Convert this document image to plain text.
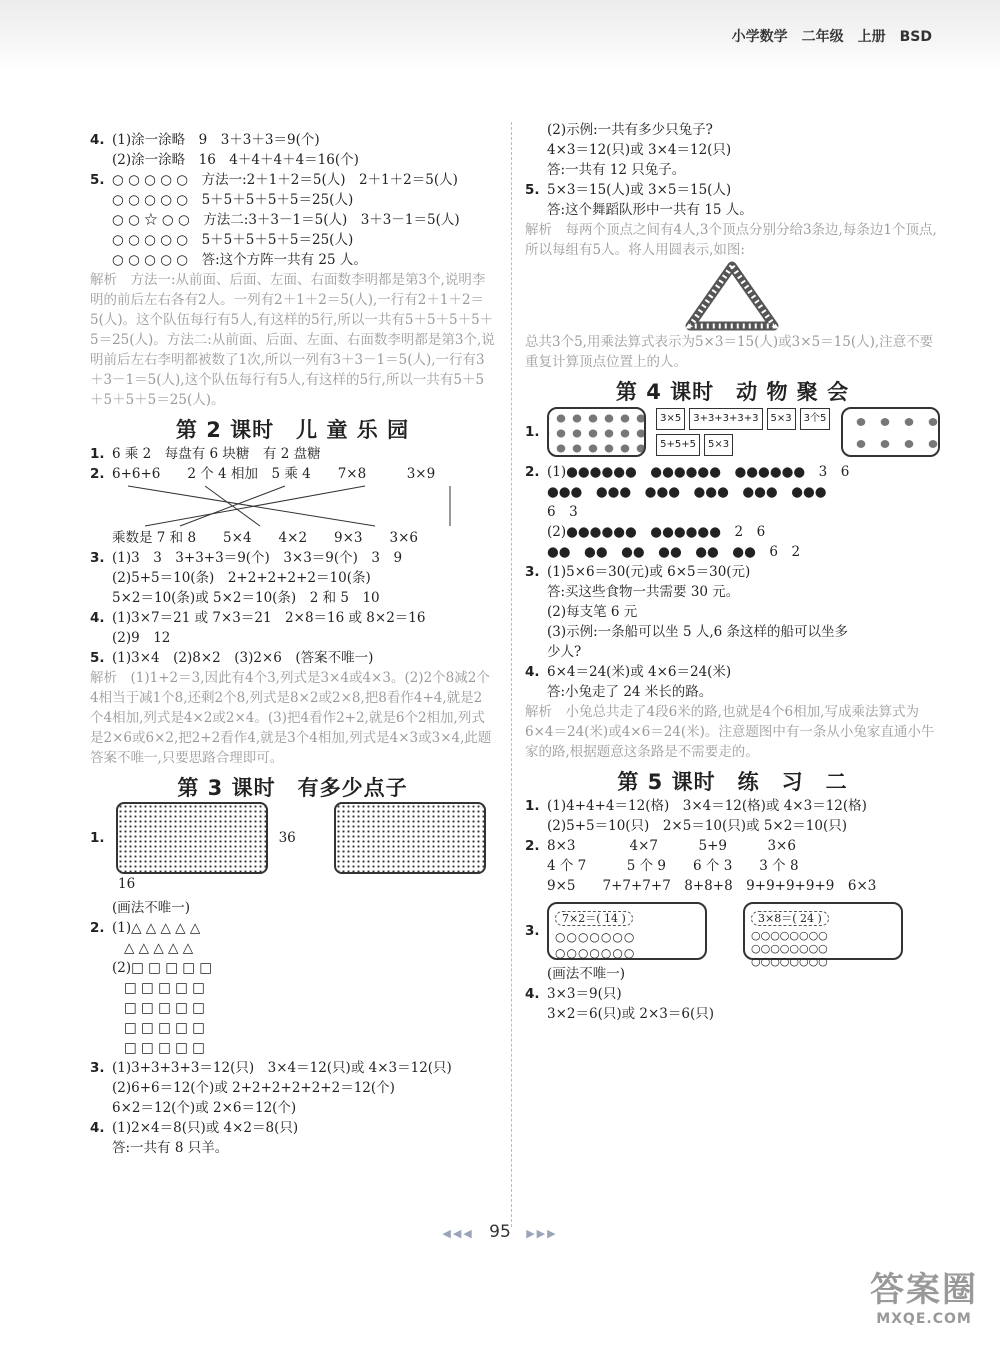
小学数学　二年级　上册　BSD
4. (1)涂一涂略　9　3＋3＋3＝9(个)
(2)涂一涂略　16　4＋4＋4＋4＝16(个)
5. ○ ○ ○ ○ ○　方法一:2＋1＋2＝5(人)　2＋1＋2＝5(人)
○ ○ ○ ○ ○　5＋5＋5＋5＋5＝25(人)
○ ○ ☆ ○ ○　方法二:3＋3－1＝5(人)　3＋3－1＝5(人)
○ ○ ○ ○ ○　5＋5＋5＋5＋5＝25(人)
○ ○ ○ ○ ○　答:这个方阵一共有 25 人。
解析　方法一:从前面、后面、左面、右面数李明都是第3个,说明李明的前后左右各有2人。一列有2＋1＋2＝5(人),一行有2＋1＋2＝5(人)。这个队伍每行有5人,有这样的5行,所以一共有5＋5＋5＋5＋5＝25(人)。方法二:从前面、后面、左面、右面数李明都是第3个,说明前后左右李明都被数了1次,所以一列有3＋3－1＝5(人),一行有3＋3－1＝5(人),这个队伍每行有5人,有这样的5行,所以一共有5＋5＋5＋5＋5＝25(人)。
第 2 课时　儿 童 乐 园
1. 6 乘 2　每盘有 6 块糖　有 2 盘糖
2. 6+6+6　　2 个 4 相加　5 乘 4　　7×8　　　3×9
乘数是 7 和 8　　5×4　　4×2　　9×3　　3×6
3. (1)3　3　3+3+3＝9(个)　3×3＝9(个)　3　9
(2)5+5＝10(条)　2+2+2+2+2＝10(条)
5×2＝10(条)或 5×2＝10(条)　2 和 5　10
4. (1)3×7＝21 或 7×3＝21　2×8＝16 或 8×2＝16
(2)9　12
5. (1)3×4　(2)8×2　(3)2×6　(答案不唯一)
解析　(1)1+2＝3,因此有4个3,列式是3×4或4×3。(2)2个8减2个4相当于减1个8,还剩2个8,列式是8×2或2×8,把8看作4+4,就是2个4相加,列式是4×2或2×4。(3)把4看作2+2,就是6个2相加,列式是2×6或6×2,把2+2看作4,就是3个4相加,列式是4×3或3×4,此题答案不唯一,只要思路合理即可。
第 3 课时　有多少点子
1.	36  16
(画法不唯一)
2. (1)△ △ △ △ △
△ △ △ △ △
(2)□ □ □ □ □
□ □ □ □ □
□ □ □ □ □
□ □ □ □ □
□ □ □ □ □
3. (1)3+3+3+3＝12(只)　3×4＝12(只)或 4×3＝12(只)
(2)6+6＝12(个)或 2+2+2+2+2+2＝12(个)
6×2＝12(个)或 2×6＝12(个)
4. (1)2×4＝8(只)或 4×2＝8(只)
答:一共有 8 只羊。
(2)示例:一共有多少只兔子?
4×3＝12(只)或 3×4＝12(只)
答:一共有 12 只兔子。
5. 5×3＝15(人)或 3×5＝15(人)
答:这个舞蹈队形中一共有 15 人。
解析　每两个顶点之间有4人,3个顶点分别分给3条边,每条边1个顶点,所以每组有5人。将人用圆表示,如图:
总共3个5,用乘法算式表示为5×3＝15(人)或3×5＝15(人),注意不要重复计算顶点位置上的人。
第 4 课时　动 物 聚 会
1.
3×5	3+3+3+3+3	5×3	3个5
5+5+5	5×3
2. (1)●●●●●●　●●●●●●　●●●●●●　3　6
●●●　●●●　●●●　●●●　●●●　●●●
6　3
(2)●●●●●●　●●●●●●　2　6
●●　●●　●●　●●　●●　●●　6　2
3. (1)5×6＝30(元)或 6×5＝30(元)
答:买这些食物一共需要 30 元。
(2)每支笔 6 元
(3)示例:一条船可以坐 5 人,6 条这样的船可以坐多
少人?
4. 6×4＝24(米)或 4×6＝24(米)
答:小兔走了 24 米长的路。
解析　小兔总共走了4段6米的路,也就是4个6相加,写成乘法算式为6×4＝24(米)或4×6＝24(米)。注意题图中有一条从小兔家直通小牛家的路,根据题意这条路是不需要走的。
第 5 课时　练　习　二
1. (1)4+4+4＝12(格)　3×4＝12(格)或 4×3＝12(格)
(2)5+5＝10(只)　2×5＝10(只)或 5×2＝10(只)
2. 8×3　　　　4×7　　　5+9　　　3×6
4 个 7　　　5 个 9　　6 个 3　　3 个 8
9×5　　7+7+7+7　8+8+8　9+9+9+9+9　6×3
3.
7×2＝( 14 )
○○○○○○○
○○○○○○○
3×8＝( 24 )
○○○○○○○○
○○○○○○○○
○○○○○○○○
(画法不唯一)
4. 3×3＝9(只)
3×2＝6(只)或 2×3＝6(只)
◀◀◀ 95 ▶▶▶
答案圈
MXQE.COM
